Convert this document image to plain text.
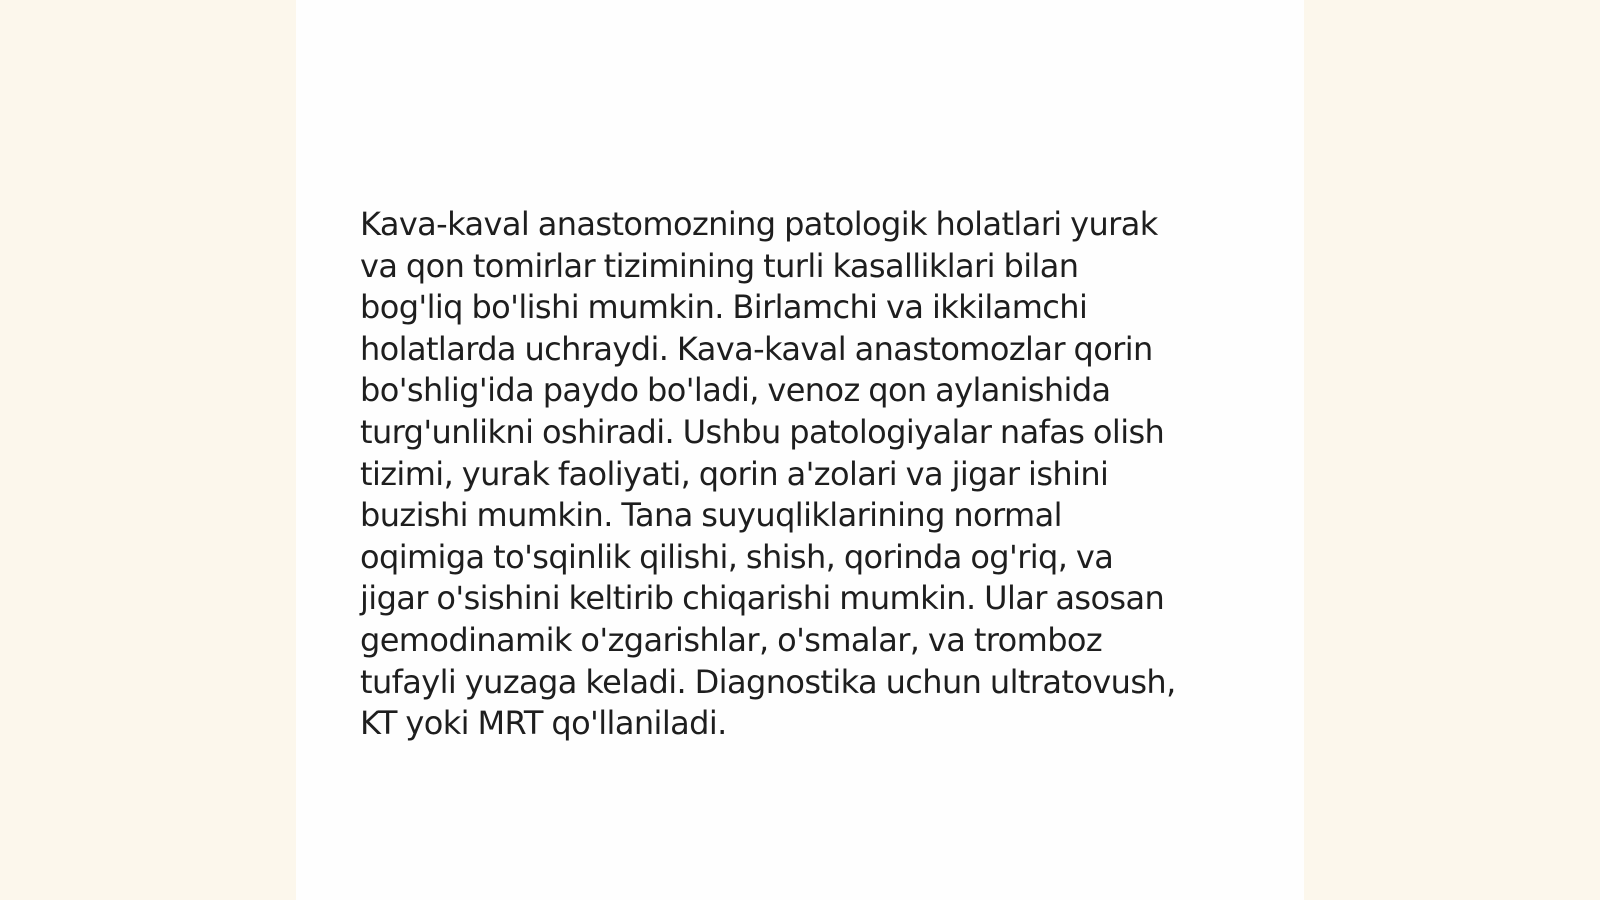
Kava-kaval anastomozning patologik holatlari yurak
va qon tomirlar tizimining turli kasalliklari bilan
bog'liq bo'lishi mumkin. Birlamchi va ikkilamchi
holatlarda uchraydi. Kava-kaval anastomozlar qorin
bo'shlig'ida paydo bo'ladi, venoz qon aylanishida
turg'unlikni oshiradi. Ushbu patologiyalar nafas olish
tizimi, yurak faoliyati, qorin a'zolari va jigar ishini
buzishi mumkin. Tana suyuqliklarining normal
oqimiga to'sqinlik qilishi, shish, qorinda og'riq, va
jigar o'sishini keltirib chiqarishi mumkin. Ular asosan
gemodinamik o'zgarishlar, o'smalar, va tromboz
tufayli yuzaga keladi. Diagnostika uchun ultratovush,
KT yoki MRT qo'llaniladi.
